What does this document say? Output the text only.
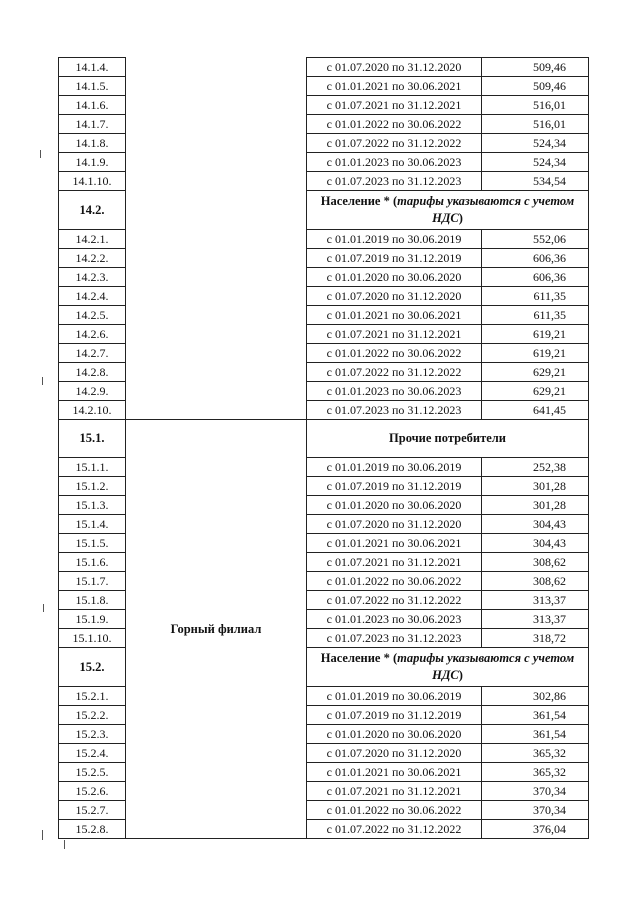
14.1.4.		с 01.07.2020 по 31.12.2020	509,46
14.1.5.		с 01.01.2021 по 30.06.2021	509,46
14.1.6.		с 01.07.2021 по 31.12.2021	516,01
14.1.7.		с 01.01.2022 по 30.06.2022	516,01
14.1.8.		с 01.07.2022 по 31.12.2022	524,34
14.1.9.		с 01.01.2023 по 30.06.2023	524,34
14.1.10.		с 01.07.2023 по 31.12.2023	534,54
14.2.		Население * (тарифы указываются с учетом НДС)	
14.2.1.		с 01.01.2019 по 30.06.2019	552,06
14.2.2.		с 01.07.2019 по 31.12.2019	606,36
14.2.3.		с 01.01.2020 по 30.06.2020	606,36
14.2.4.		с 01.07.2020 по 31.12.2020	611,35
14.2.5.		с 01.01.2021 по 30.06.2021	611,35
14.2.6.		с 01.07.2021 по 31.12.2021	619,21
14.2.7.		с 01.01.2022 по 30.06.2022	619,21
14.2.8.		с 01.07.2022 по 31.12.2022	629,21
14.2.9.		с 01.01.2023 по 30.06.2023	629,21
14.2.10.		с 01.07.2023 по 31.12.2023	641,45
15.1.	Горный филиал	Прочие потребители	
15.1.1.		с 01.01.2019 по 30.06.2019	252,38
15.1.2.		с 01.07.2019 по 31.12.2019	301,28
15.1.3.		с 01.01.2020 по 30.06.2020	301,28
15.1.4.		с 01.07.2020 по 31.12.2020	304,43
15.1.5.		с 01.01.2021 по 30.06.2021	304,43
15.1.6.		с 01.07.2021 по 31.12.2021	308,62
15.1.7.		с 01.01.2022 по 30.06.2022	308,62
15.1.8.		с 01.07.2022 по 31.12.2022	313,37
15.1.9.		с 01.01.2023 по 30.06.2023	313,37
15.1.10.		с 01.07.2023 по 31.12.2023	318,72
15.2.		Население * (тарифы указываются с учетом НДС)	
15.2.1.		с 01.01.2019 по 30.06.2019	302,86
15.2.2.		с 01.07.2019 по 31.12.2019	361,54
15.2.3.		с 01.01.2020 по 30.06.2020	361,54
15.2.4.		с 01.07.2020 по 31.12.2020	365,32
15.2.5.		с 01.01.2021 по 30.06.2021	365,32
15.2.6.		с 01.07.2021 по 31.12.2021	370,34
15.2.7.		с 01.01.2022 по 30.06.2022	370,34
15.2.8.		с 01.07.2022 по 31.12.2022	376,04
